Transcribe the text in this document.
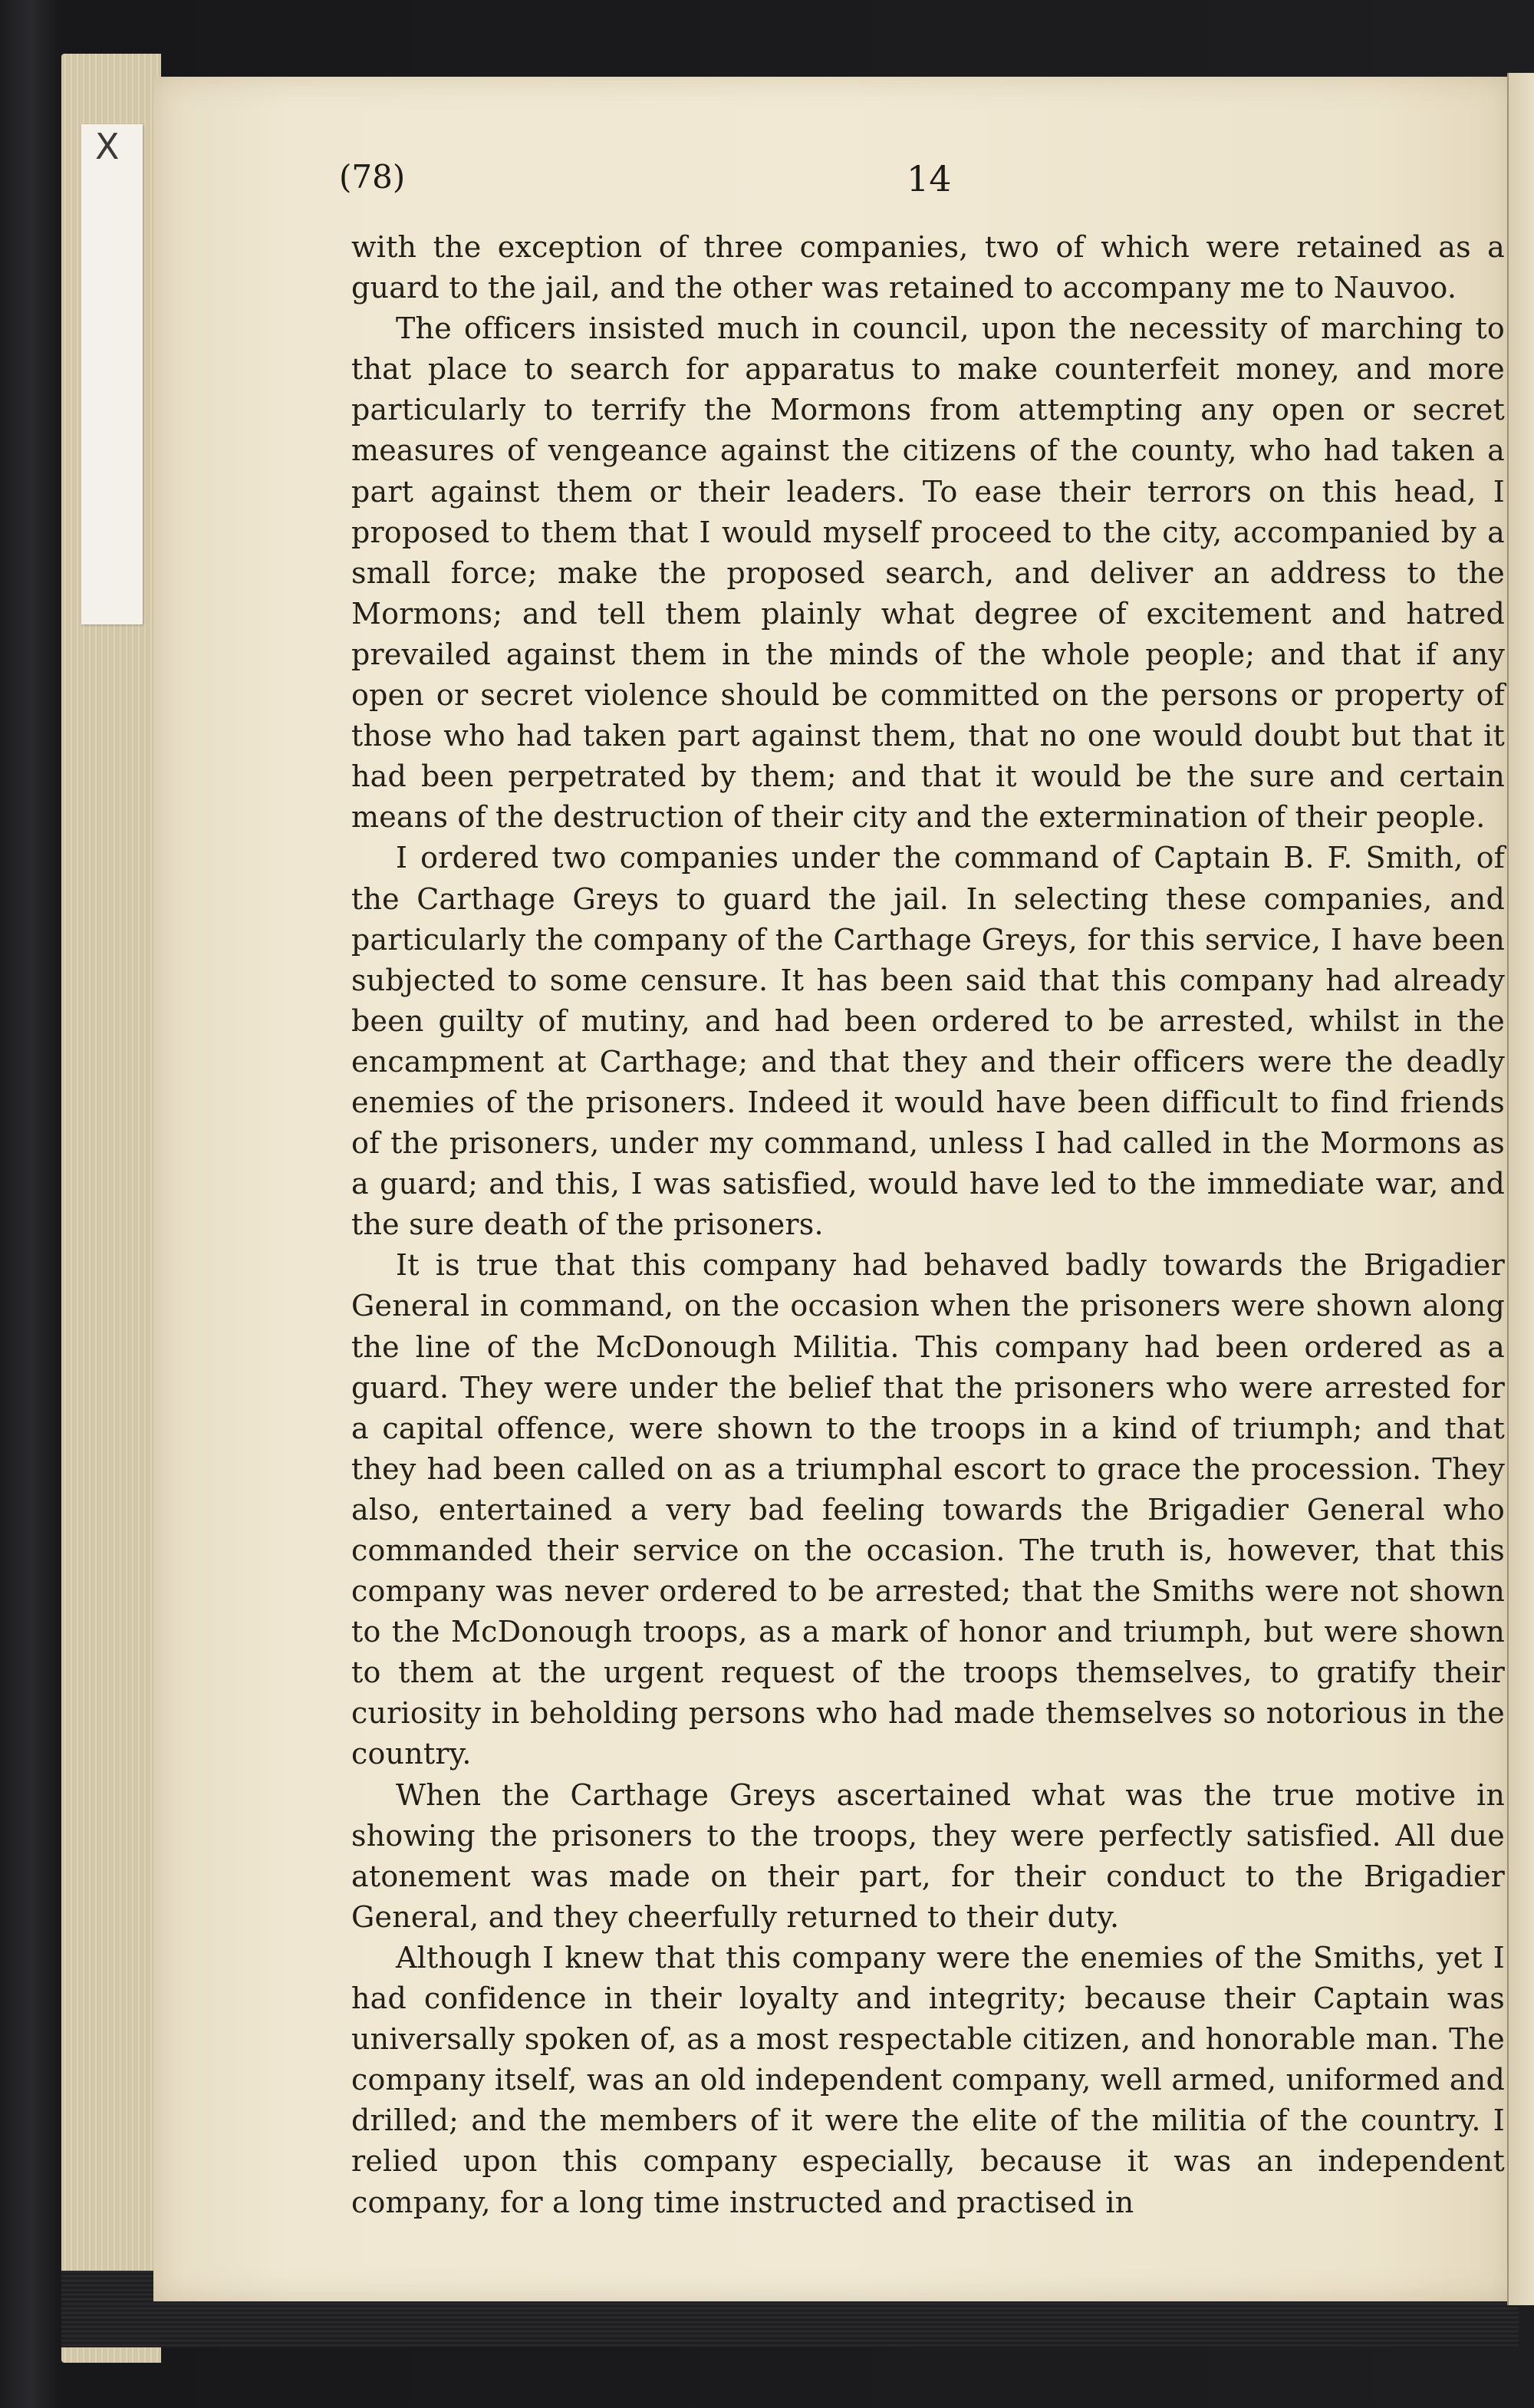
X
(78)	14

with the exception of three companies, two of which were retained as a guard to the jail, and the other was retained to accompany me to Nauvoo.

The officers insisted much in council, upon the necessity of marching to that place to search for apparatus to make counterfeit money, and more particularly to terrify the Mormons from attempting any open or secret measures of vengeance against the citizens of the county, who had taken a part against them or their leaders. To ease their terrors on this head, I proposed to them that I would myself proceed to the city, accompanied by a small force; make the proposed search, and deliver an address to the Mormons; and tell them plainly what degree of excitement and hatred prevailed against them in the minds of the whole people; and that if any open or secret violence should be committed on the persons or property of those who had taken part against them, that no one would doubt but that it had been perpetrated by them; and that it would be the sure and certain means of the destruction of their city and the extermination of their people.

I ordered two companies under the command of Captain B. F. Smith, of the Carthage Greys to guard the jail. In selecting these companies, and particularly the company of the Carthage Greys, for this service, I have been subjected to some censure. It has been said that this company had already been guilty of mutiny, and had been ordered to be arrested, whilst in the encampment at Carthage; and that they and their officers were the deadly enemies of the prisoners. Indeed it would have been difficult to find friends of the prisoners, under my command, unless I had called in the Mormons as a guard; and this, I was satisfied, would have led to the immediate war, and the sure death of the prisoners.

It is true that this company had behaved badly towards the Brigadier General in command, on the occasion when the prisoners were shown along the line of the McDonough Militia. This company had been ordered as a guard. They were under the belief that the prisoners who were arrested for a capital offence, were shown to the troops in a kind of triumph; and that they had been called on as a triumphal escort to grace the procession. They also, entertained a very bad feeling towards the Brigadier General who commanded their service on the occasion. The truth is, however, that this company was never ordered to be arrested; that the Smiths were not shown to the McDonough troops, as a mark of honor and triumph, but were shown to them at the urgent request of the troops themselves, to gratify their curiosity in beholding persons who had made themselves so notorious in the country.

When the Carthage Greys ascertained what was the true motive in showing the prisoners to the troops, they were perfectly satisfied. All due atonement was made on their part, for their conduct to the Brigadier General, and they cheerfully returned to their duty.

Although I knew that this company were the enemies of the Smiths, yet I had confidence in their loyalty and integrity; because their Captain was universally spoken of, as a most respectable citizen, and honorable man. The company itself, was an old independent company, well armed, uniformed and drilled; and the members of it were the elite of the militia of the country. I relied upon this company especially, because it was an independent company, for a long time instructed and practised in
